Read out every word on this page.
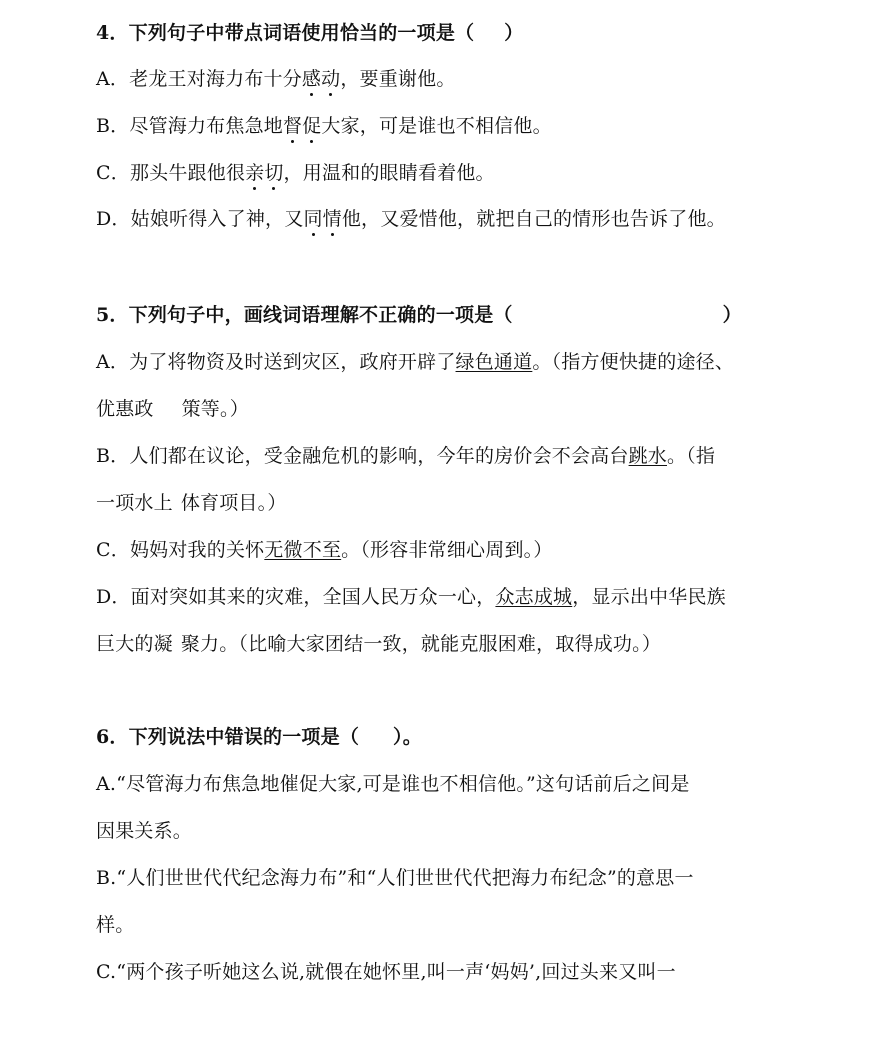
4．下列句子中带点词语使用恰当的一项是（ ）
A．老龙王对海力布十分感动，要重谢他。
B．尽管海力布焦急地督促大家，可是谁也不相信他。
C．那头牛跟他很亲切，用温和的眼睛看着他。
D．姑娘听得入了神，又同情他，又爱惜他，就把自己的情形也告诉了他。
5．下列句子中，画线词语理解不正确的一项是（	）
A．为了将物资及时送到灾区，政府开辟了绿色通道。（指方便快捷的途径、
优惠政 策等。）
B．人们都在议论，受金融危机的影响，今年的房价会不会高台跳水。（指
一项水上 体育项目。）
C．妈妈对我的关怀无微不至。（形容非常细心周到。）
D．面对突如其来的灾难，全国人民万众一心，众志成城，显示出中华民族
巨大的凝 聚力。（比喻大家团结一致，就能克服困难，取得成功。）
6．下列说法中错误的一项是（ ）。
A.“尽管海力布焦急地催促大家,可是谁也不相信他。”这句话前后之间是
因果关系。
B.“人们世世代代纪念海力布”和“人们世世代代把海力布纪念”的意思一
样。
C.“两个孩子听她这么说,就偎在她怀里,叫一声‘妈妈’,回过头来又叫一
